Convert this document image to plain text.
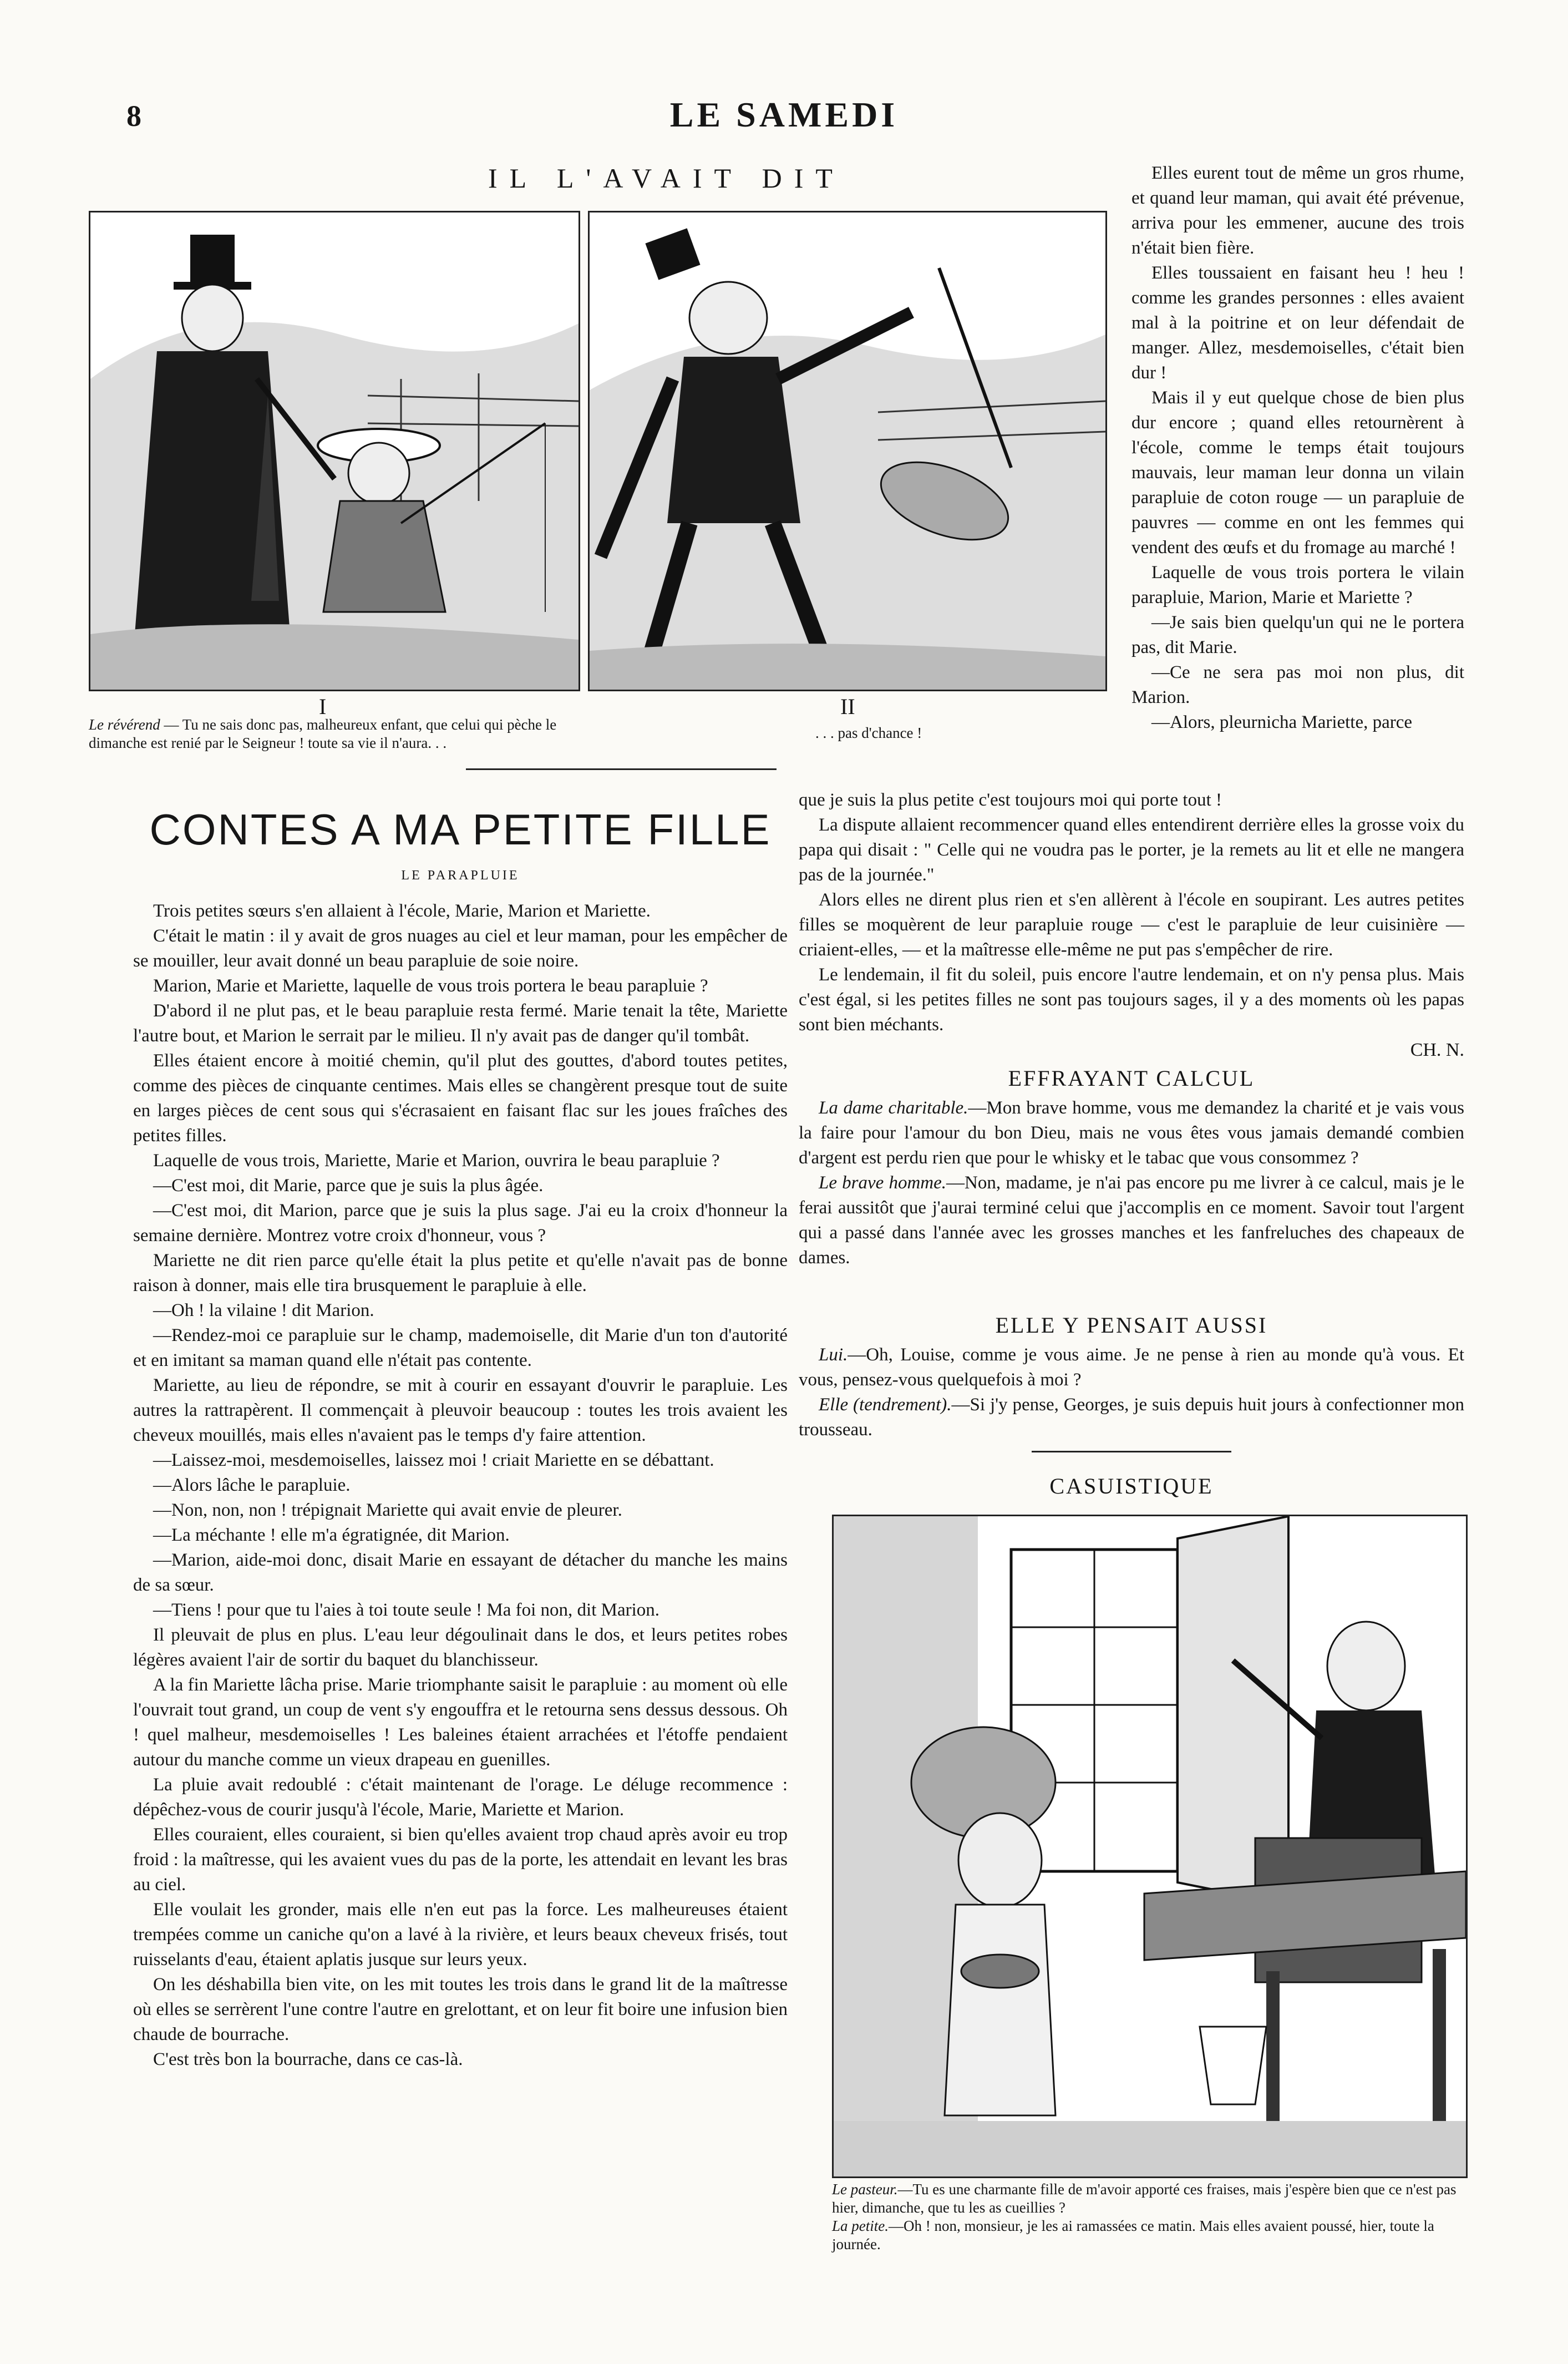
8	LE SAMEDI
IL L'AVAIT DIT
I
Le révérend — Tu ne sais donc pas, malheureux enfant, que celui qui pèche le dimanche est renié par le Seigneur ! toute sa vie il n'aura. . .
II
. . . pas d'chance !

Elles eurent tout de même un gros rhume, et quand leur maman, qui avait été prévenue, arriva pour les emmener, aucune des trois n'était bien fière.

Elles toussaient en faisant heu ! heu ! comme les grandes personnes : elles avaient mal à la poitrine et on leur défendait de manger. Allez, mesdemoiselles, c'était bien dur !

Mais il y eut quelque chose de bien plus dur encore ; quand elles retournèrent à l'école, comme le temps était toujours mauvais, leur maman leur donna un vilain parapluie de coton rouge — un parapluie de pauvres — comme en ont les femmes qui vendent des œufs et du fromage au marché !

Laquelle de vous trois portera le vilain parapluie, Marion, Marie et Mariette ?

—Je sais bien quelqu'un qui ne le portera pas, dit Marie.

—Ce ne sera pas moi non plus, dit Marion.

—Alors, pleurnicha Mariette, parce

CONTES A MA PETITE FILLE
LE PARAPLUIE

Trois petites sœurs s'en allaient à l'école, Marie, Marion et Mariette.

C'était le matin : il y avait de gros nuages au ciel et leur maman, pour les empêcher de se mouiller, leur avait donné un beau parapluie de soie noire.

Marion, Marie et Mariette, laquelle de vous trois portera le beau parapluie ?

D'abord il ne plut pas, et le beau parapluie resta fermé. Marie tenait la tête, Mariette l'autre bout, et Marion le serrait par le milieu. Il n'y avait pas de danger qu'il tombât.

Elles étaient encore à moitié chemin, qu'il plut des gouttes, d'abord toutes petites, comme des pièces de cinquante centimes. Mais elles se changèrent presque tout de suite en larges pièces de cent sous qui s'écrasaient en faisant flac sur les joues fraîches des petites filles.

Laquelle de vous trois, Mariette, Marie et Marion, ouvrira le beau parapluie ?

—C'est moi, dit Marie, parce que je suis la plus âgée.

—C'est moi, dit Marion, parce que je suis la plus sage. J'ai eu la croix d'honneur la semaine dernière. Montrez votre croix d'honneur, vous ?

Mariette ne dit rien parce qu'elle était la plus petite et qu'elle n'avait pas de bonne raison à donner, mais elle tira brusquement le parapluie à elle.

—Oh ! la vilaine ! dit Marion.

—Rendez-moi ce parapluie sur le champ, mademoiselle, dit Marie d'un ton d'autorité et en imitant sa maman quand elle n'était pas contente.

Mariette, au lieu de répondre, se mit à courir en essayant d'ouvrir le parapluie. Les autres la rattrapèrent. Il commençait à pleuvoir beaucoup : toutes les trois avaient les cheveux mouillés, mais elles n'avaient pas le temps d'y faire attention.

—Laissez-moi, mesdemoiselles, laissez moi ! criait Mariette en se débattant.

—Alors lâche le parapluie.

—Non, non, non ! trépignait Mariette qui avait envie de pleurer.

—La méchante ! elle m'a égratignée, dit Marion.

—Marion, aide-moi donc, disait Marie en essayant de détacher du manche les mains de sa sœur.

—Tiens ! pour que tu l'aies à toi toute seule ! Ma foi non, dit Marion.

Il pleuvait de plus en plus. L'eau leur dégoulinait dans le dos, et leurs petites robes légères avaient l'air de sortir du baquet du blanchisseur.

A la fin Mariette lâcha prise. Marie triomphante saisit le parapluie : au moment où elle l'ouvrait tout grand, un coup de vent s'y engouffra et le retourna sens dessus dessous. Oh ! quel malheur, mesdemoiselles ! Les baleines étaient arrachées et l'étoffe pendaient autour du manche comme un vieux drapeau en guenilles.

La pluie avait redoublé : c'était maintenant de l'orage. Le déluge recommence : dépêchez-vous de courir jusqu'à l'école, Marie, Mariette et Marion.

Elles couraient, elles couraient, si bien qu'elles avaient trop chaud après avoir eu trop froid : la maîtresse, qui les avaient vues du pas de la porte, les attendait en levant les bras au ciel.

Elle voulait les gronder, mais elle n'en eut pas la force. Les malheureuses étaient trempées comme un caniche qu'on a lavé à la rivière, et leurs beaux cheveux frisés, tout ruisselants d'eau, étaient aplatis jusque sur leurs yeux.

On les déshabilla bien vite, on les mit toutes les trois dans le grand lit de la maîtresse où elles se serrèrent l'une contre l'autre en grelottant, et on leur fit boire une infusion bien chaude de bourrache.

C'est très bon la bourrache, dans ce cas-là.

que je suis la plus petite c'est toujours moi qui porte tout !

La dispute allaient recommencer quand elles entendirent derrière elles la grosse voix du papa qui disait : " Celle qui ne voudra pas le porter, je la remets au lit et elle ne mangera pas de la journée."

Alors elles ne dirent plus rien et s'en allèrent à l'école en soupirant. Les autres petites filles se moquèrent de leur parapluie rouge — c'est le parapluie de leur cuisinière — criaient-elles, — et la maîtresse elle-même ne put pas s'empêcher de rire.

Le lendemain, il fit du soleil, puis encore l'autre lendemain, et on n'y pensa plus. Mais c'est égal, si les petites filles ne sont pas toujours sages, il y a des moments où les papas sont bien méchants.

CH. N.
EFFRAYANT CALCUL

La dame charitable.—Mon brave homme, vous me demandez la charité et je vais vous la faire pour l'amour du bon Dieu, mais ne vous êtes vous jamais demandé combien d'argent est perdu rien que pour le whisky et le tabac que vous consommez ?

Le brave homme.—Non, madame, je n'ai pas encore pu me livrer à ce calcul, mais je le ferai aussitôt que j'aurai terminé celui que j'accomplis en ce moment. Savoir tout l'argent qui a passé dans l'année avec les grosses manches et les fanfreluches des chapeaux de dames.

ELLE Y PENSAIT AUSSI

Lui.—Oh, Louise, comme je vous aime. Je ne pense à rien au monde qu'à vous. Et vous, pensez-vous quelquefois à moi ?

Elle (tendrement).—Si j'y pense, Georges, je suis depuis huit jours à confectionner mon trousseau.

CASUISTIQUE
Le pasteur.—Tu es une charmante fille de m'avoir apporté ces fraises, mais j'espère bien que ce n'est pas hier, dimanche, que tu les as cueillies ?
La petite.—Oh ! non, monsieur, je les ai ramassées ce matin. Mais elles avaient poussé, hier, toute la journée.
